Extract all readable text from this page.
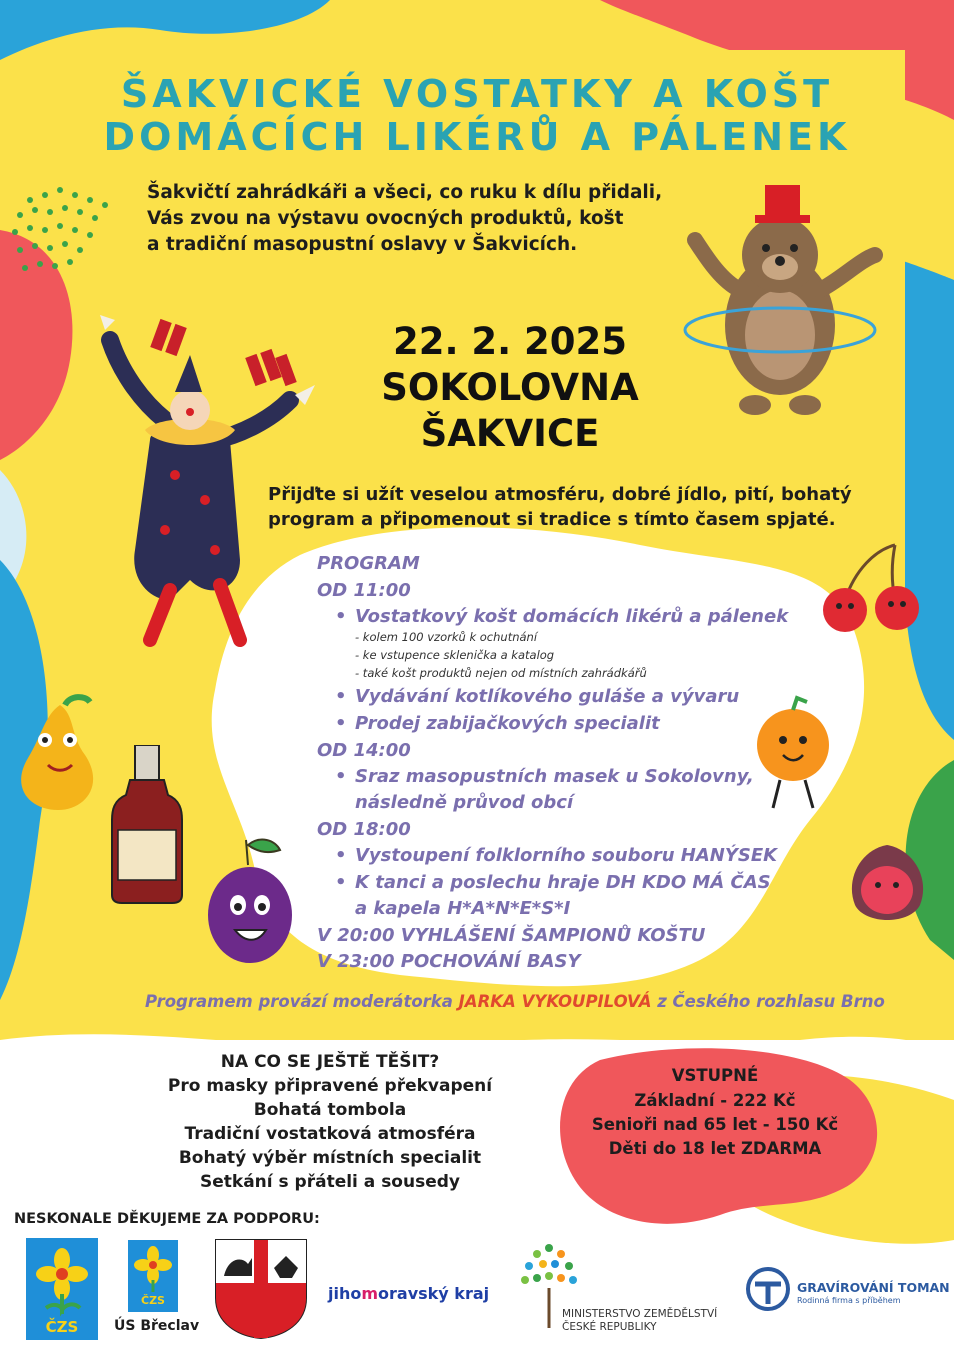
ŠAKVICKÉ VOSTATKY A KOŠT
DOMÁCÍCH LIKÉRŮ A PÁLENEK
Šakvičtí zahrádkáři a všeci, co ruku k dílu přidali,
Vás zvou na výstavu ovocných produktů, košt
a tradiční masopustní oslavy v Šakvicích.
22. 2. 2025
SOKOLOVNA
ŠAKVICE
Přijďte si užít veselou atmosféru, dobré jídlo, pití, bohatý
program a připomenout si tradice s tímto časem spjaté.
PROGRAM
OD 11:00
• Vostatkový košt domácích likérů a pálenek
- kolem 100 vzorků k ochutnání
- ke vstupence sklenička a katalog
- také košt produktů nejen od místních zahrádkářů
• Vydávání kotlíkového guláše a vývaru
• Prodej zabijačkových specialit
OD 14:00
• Sraz masopustních masek u Sokolovny,
následně průvod obcí
OD 18:00
• Vystoupení folklorního souboru HANÝSEK
• K tanci a poslechu hraje DH KDO MÁ ČAS
a kapela H*A*N*E*S*I
V 20:00 VYHLÁŠENÍ ŠAMPIONŮ KOŠTU
V 23:00 POCHOVÁNÍ BASY
Programem provází moderátorka JARKA VYKOUPILOVÁ z Českého rozhlasu Brno
NA CO SE JEŠTĚ TĚŠIT?
Pro masky připravené překvapení
Bohatá tombola
Tradiční vostatková atmosféra
Bohatý výběr místních specialit
Setkání s přáteli a sousedy
VSTUPNÉ
Základní - 222 Kč
Senioři nad 65 let - 150 Kč
Děti do 18 let ZDARMA
NESKONALE DĚKUJEME ZA PODPORU:
ČZS
ČZS
ÚS Břeclav
jihomoravský kraj
MINISTERSTVO ZEMĚDĚLSTVÍ
ČESKÉ REPUBLIKY
GRAVÍROVÁNÍ TOMAN
Rodinná firma s příběhem
